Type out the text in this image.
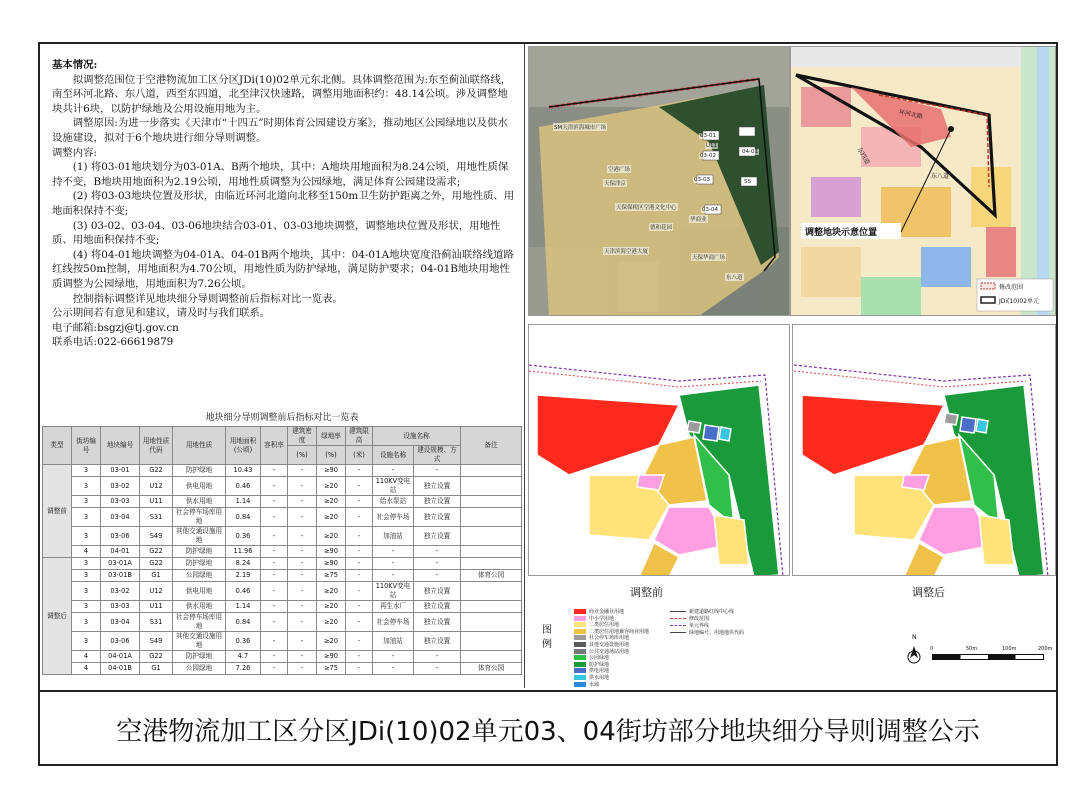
基本情况:

拟调整范围位于空港物流加工区分区JDi(10)02单元东北侧。具体调整范围为:东至蓟汕联络线，南至环河北路、东八道，西至东四道，北至津汉快速路，调整用地面积约：48.14公顷。涉及调整地块共计6块，以防护绿地及公用设施用地为主。

调整原因:为进一步落实《天津市“十四五”时期体育公园建设方案》，推动地区公园绿地以及供水设施建设，拟对于6个地块进行细分导则调整。

调整内容:

(1) 将03-01地块划分为03-01A、B两个地块，其中：A地块用地面积为8.24公顷，用地性质保持不变，B地块用地面积为2.19公顷，用地性质调整为公园绿地，满足体育公园建设需求;

(2) 将03-03地块位置及形状，由临近环河北道向北移至150m卫生防护距离之外，用地性质、用地面积保持不变;

(3) 03-02、03-04、03-06地块结合03-01、03-03地块调整，调整地块位置及形状，用地性质、用地面积保持不变;

(4) 将04-01地块调整为04-01A、04-01B两个地块，其中：04-01A地块宽度沿蓟汕联络线道路红线按50m控制，用地面积为4.70公顷，用地性质为防护绿地，满足防护要求；04-01B地块用地性质调整为公园绿地，用地面积为7.26公顷。

控制指标调整详见地块细分导则调整前后指标对比一览表。

公示期间若有意见和建议，请及时与我们联系。

电子邮箱:bsgzj@tj.gov.cn

联系电话:022-66619879

地块细分导则调整前后指标对比一览表
类型	街坊编号	地块编号	用地性质代码	用地性质	用地面积(公顷)	容积率	建筑密度	绿地率	建筑限高	设施名称		备注
							(%)	(%)	(米)	设施名称	建设规模、方式	
调整前	3	03-01	G22	防护绿地	10.43	-	-	≥90	-	-	-	
	3	03-02	U12	供电用地	0.46	-	-	≥20	-	110KV变电站	独立设置	
	3	03-03	U11	供水用地	1.14	-	-	≥20	-	给水泵站	独立设置	
	3	03-04	S31	社会停车场库用地	0.84	-	-	≥20	-	社会停车场	独立设置	
	3	03-06	S49	其他交通设施用地	0.36	-	-	≥20	-	加油站	独立设置	
	4	04-01	G22	防护绿地	11.96	-	-	≥90	-	-	-	
调整后	3	03-01A	G22	防护绿地	8.24	-	-	≥90	-	-	-	
	3	03-01B	G1	公园绿地	2.19	-	-	≥75	-	-	-	体育公园
	3	03-02	U12	供电用地	0.46	-	-	≥20	-	110KV变电站	独立设置	
	3	03-03	U11	供水用地	1.14	-	-	≥20	-	再生水厂	独立设置	
	3	03-04	S31	社会停车场库用地	0.84	-	-	≥20	-	社会停车场	独立设置	
	3	03-06	S49	其他交通设施用地	0.36	-	-	≥20	-	加油站	独立设置	
	4	04-01A	G22	防护绿地	4.7	-	-	≥90	-	-	-	
	4	04-01B	G1	公园绿地	7.26	-	-	≥75	-	-	-	体育公园
SM天津滨海城市广场
空港广场
天保津京
天保保税区空港文化中心
天津滨海空港大厦
德和花园
华商业
天保华商广场
03-01
03-02
03-03
03-04
04-01
U11
SS
东八道
调整地块示意位置
环河北路
东八道
东四道
修改范围
JDi(10)02单元
调整前	调整后
图例
商业金融业用地
中小学用地
二类居住用地
二类居住用地兼容商业用地
社会停车场库用地
其他交通设施用地
公共交通场站用地
公园绿地
防护绿地
供电用地
供水用地
水域
新建道路红线中心线
修改范围
单元界线
绿地编号、用地地块代码
N
0	50m	100m	200m
空港物流加工区分区JDi(10)02单元03、04街坊部分地块细分导则调整公示
